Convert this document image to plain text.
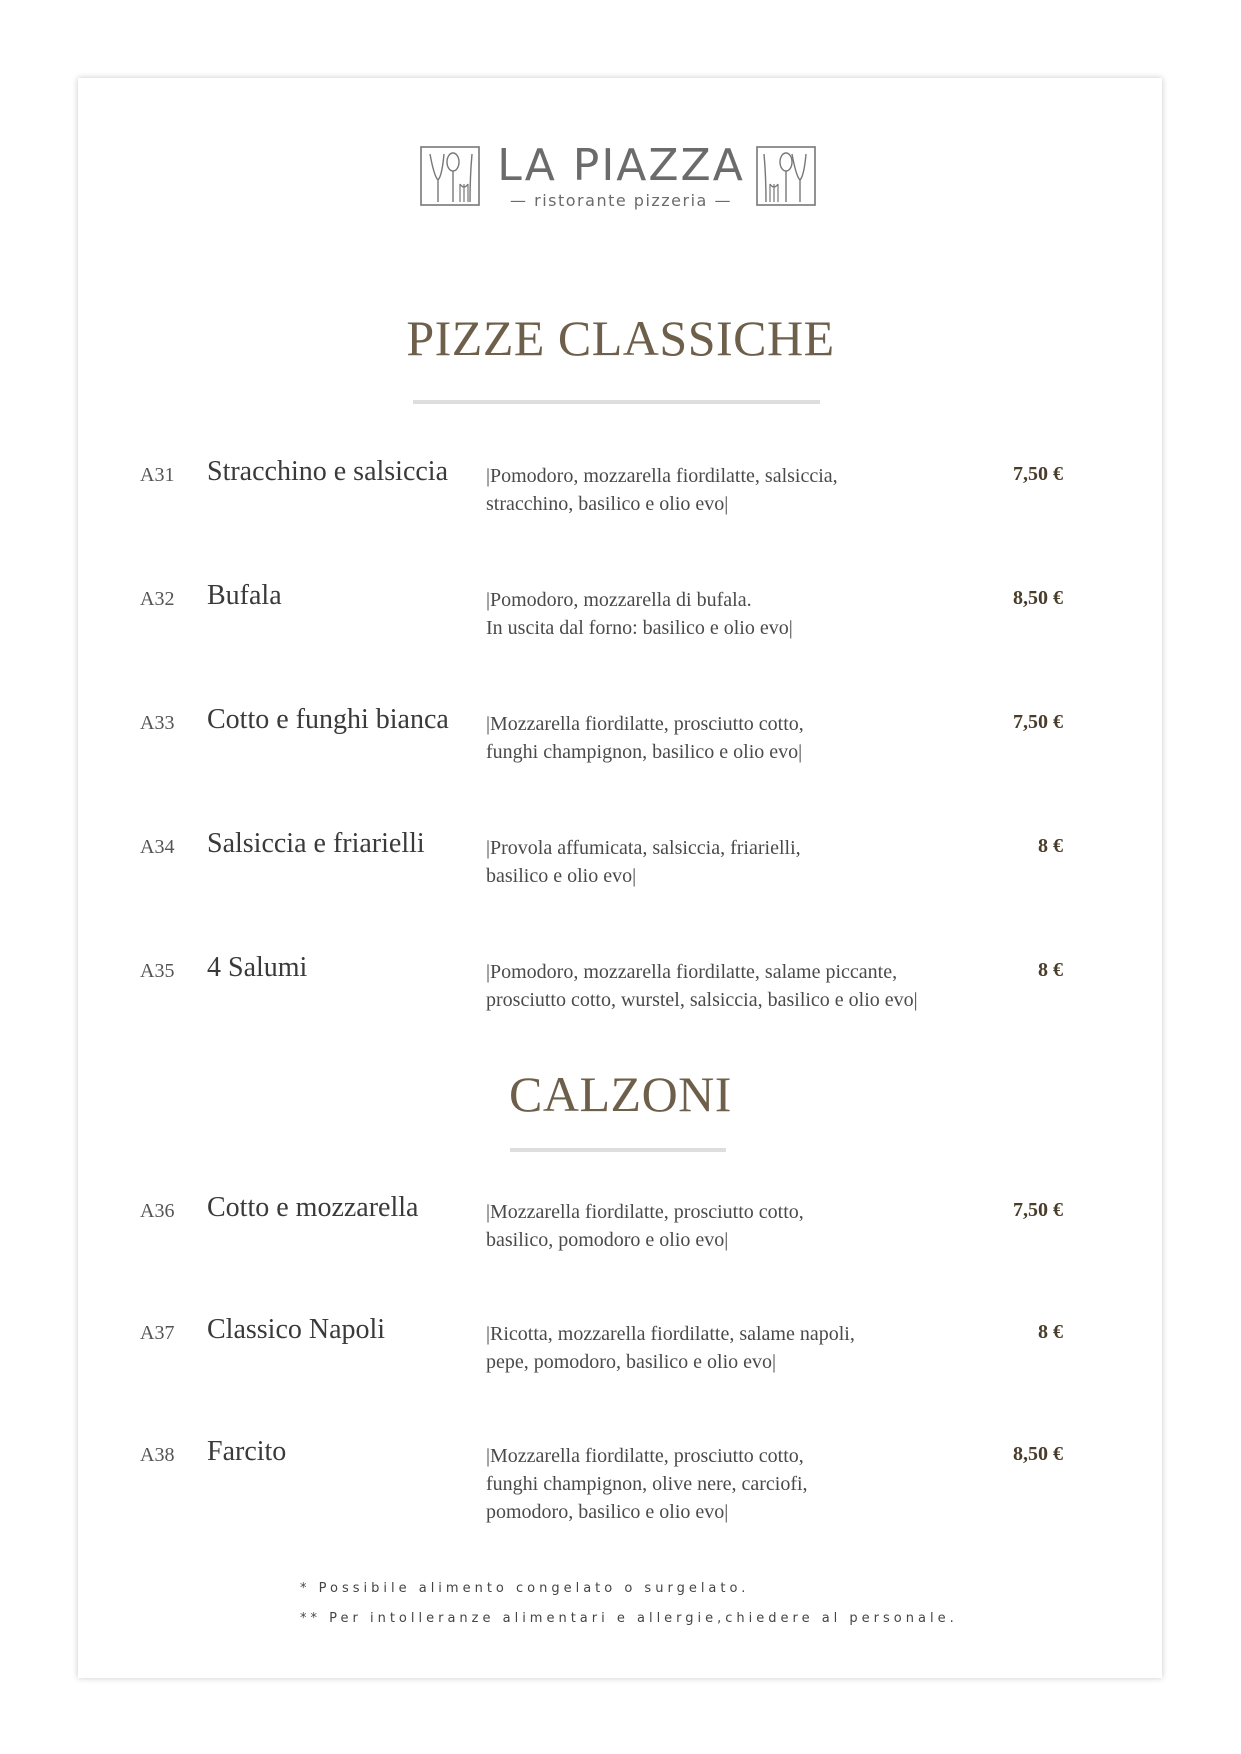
LA PIAZZA
— ristorante pizzeria —
PIZZE CLASSICHE
A31 Stracchino e salsiccia |Pomodoro, mozzarella fiordilatte, salsiccia,
stracchino, basilico e olio evo|
7,50 €
A32 Bufala	|Pomodoro, mozzarella di bufala.
In uscita dal forno: basilico e olio evo|
8,50 €
A33 Cotto e funghi bianca |Mozzarella fiordilatte, prosciutto cotto,
funghi champignon, basilico e olio evo|
7,50 €
A34 Salsiccia e friarielli	|Provola affumicata, salsiccia, friarielli,
basilico e olio evo|
8 €
A35 4 Salumi	|Pomodoro, mozzarella fiordilatte, salame piccante,
prosciutto cotto, wurstel, salsiccia, basilico e olio evo|
8 €
CALZONI
A36 Cotto e mozzarella	|Mozzarella fiordilatte, prosciutto cotto,
basilico, pomodoro e olio evo|
7,50 €
A37 Classico Napoli	|Ricotta, mozzarella fiordilatte, salame napoli,
pepe, pomodoro, basilico e olio evo|
8 €
A38 Farcito	|Mozzarella fiordilatte, prosciutto cotto,
funghi champignon, olive nere, carciofi,
pomodoro, basilico e olio evo|
8,50 €
* Possibile alimento congelato o surgelato.
** Per intolleranze alimentari e allergie,chiedere al personale.
